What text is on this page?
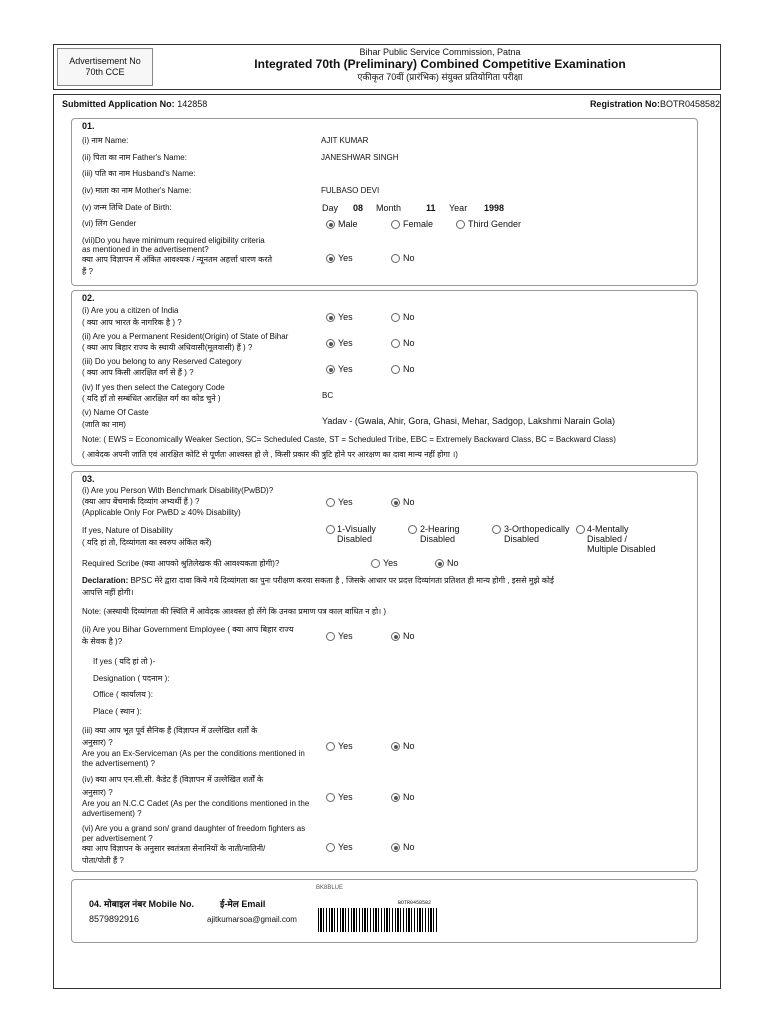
Advertisement No
70th CCE
Bihar Public Service Commission, Patna
Integrated 70th (Preliminary) Combined Competitive Examination
एकीकृत 70वीं (प्रारंभिक) संयुक्त प्रतियोगिता परीक्षा
Submitted Application No: 142858	Registration No:BOTR0458582
01.
(i) नाम Name:	AJIT KUMAR
(ii) पिता का नाम Father's Name:	JANESHWAR SINGH
(iii) पति का नाम Husband's Name:
(iv) माता का नाम Mother's Name:	FULBASO DEVI
(v) जन्म तिथि Date of Birth:	Day 08 Month	11 Year 1998
(vi) लिंग Gender	Male	Female	Third Gender
(vii)Do you have minimum required eligibility criteria
as mentioned in the advertisement?
क्या आप विज्ञापन में अंकित आवश्यक / न्यूनतम अहर्त्ता धारण करते
हैं ?
Yes	No
02.
(i) Are you a citizen of India
( क्या आप भारत के नागरिक है ) ?
Yes	No
(ii) Are you a Permanent Resident(Origin) of State of Bihar
( क्या आप बिहार राज्य के स्थायी अधिवासी(मूलवासी) हैं ) ?	Yes	No
(iii) Do you belong to any Reserved Category
( क्या आप किसी आरक्षित वर्ग से हैं ) ?	Yes	No
(iv) If yes then select the Category Code
( यदि हाँ तो सम्बंधित आरक्षित वर्ग का कोड चुने )	BC
(v) Name Of Caste
(जाति का नाम)	Yadav - (Gwala, Ahir, Gora, Ghasi, Mehar, Sadgop, Lakshmi Narain Gola)
Note: ( EWS = Economically Weaker Section, SC= Scheduled Caste, ST = Scheduled Tribe, EBC = Extremely Backward Class, BC = Backward Class)
( आवेदक अपनी जाति एवं आरक्षित कोटि से पूर्णतः आश्वस्त हो ले , किसी प्रकार की त्रुटि होने पर आरक्षण का दावा मान्य नहीं होगा ।)
03.
(i) Are you Person With Benchmark Disability(PwBD)?
(क्या आप बेंचमार्क दिव्यांग अभ्यर्थी हैं ) ?
(Applicable Only For PwBD ≥ 40% Disability)
Yes	No
If yes, Nature of Disability
( यदि हां तो, दिव्यांगता का स्वरुप अंकित करें)
1-Visually
Disabled
2-Hearing
Disabled
3-Orthopedically
Disabled
4-Mentally
Disabled /
Multiple Disabled
Required Scribe (क्या आपको श्रुतिलेखक की आवश्यकता होगी)?	Yes	No
Declaration: BPSC मेरे द्वारा दावा किये गये दिव्यांगता का पुनः परीक्षण करवा सकता है , जिसके आधार पर प्रदत्त दिव्यांगता प्रतिशत ही मान्य होगी , इससे मुझे कोई
आपत्ति नहीं होगी।
Note: (अस्थायी दिव्यांगता की स्थिति में आवेदक आश्वस्त हो लेंगे कि उनका प्रमाण पत्र काल बाधित न हो। )
(ii) Are you Bihar Government Employee ( क्या आप बिहार राज्य
के सेवक है )?
Yes	No
If yes ( यदि हां तो )-
Designation ( पदनाम ):
Office ( कार्यालय ):
Place ( स्थान ):
(iii) क्या आप भूत पूर्व सैनिक हैं (विज्ञापन में उल्लेखित शर्तों के
अनुसार) ?
Are you an Ex-Serviceman (As per the conditions mentioned in
the advertisement) ?
Yes	No
(iv) क्या आप एन.सी.सी. कैडेट हैं (विज्ञापन में उल्लेखित शर्तों के
अनुसार) ?
Are you an N.C.C Cadet (As per the conditions mentioned in the
advertisement) ?
Yes	No
(vi) Are you a grand son/ grand daughter of freedom fighters as
per advertisement ?
क्या आप विज्ञापन के अनुसार स्वतंत्रता सेनानियों के नाती/नातिनी/
पोता/पोती हैं ?
Yes	No
04. मोबाइल नंबर Mobile No.	ई-मेल Email
8579892916	ajitkumarsoa@gmail.com
BK8BLUE
BOTR0458582
